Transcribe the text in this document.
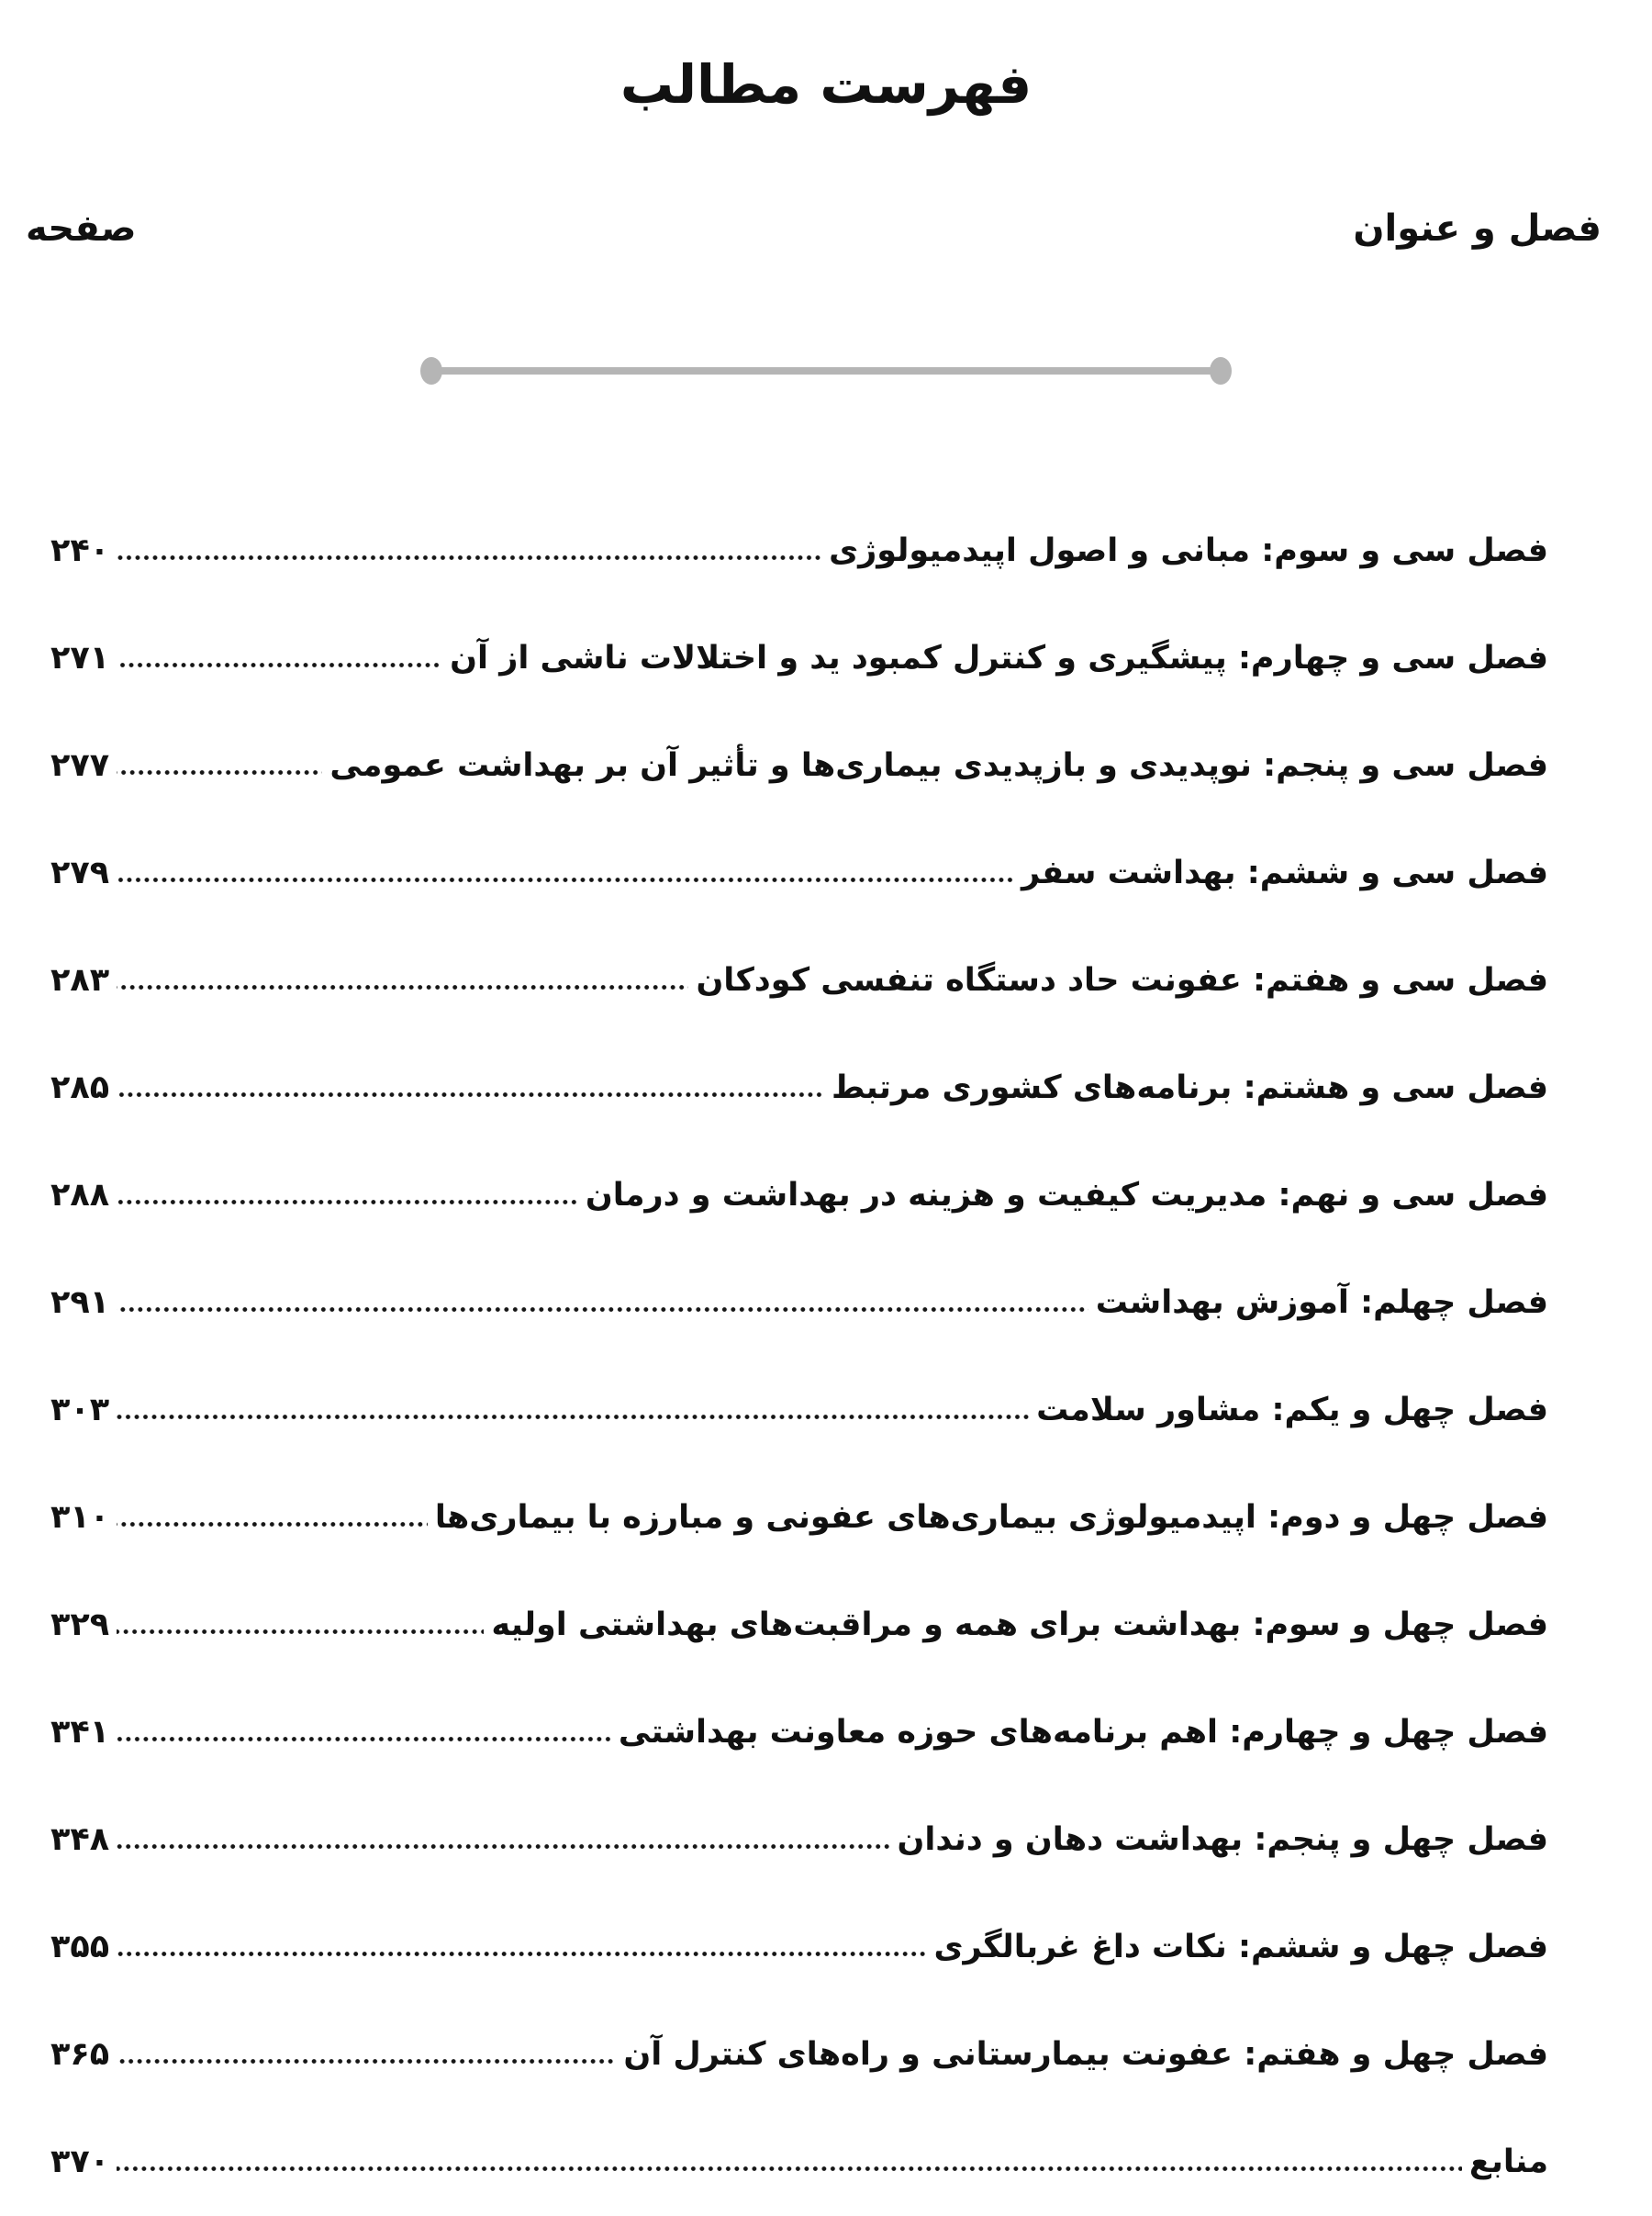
فهرست مطالب
فصل و عنوان
صفحه
فصل سی و سوم: مبانی و اصول اپیدمیولوژی
۲۴۰
فصل سی و چهارم: پیشگیری و کنترل کمبود ید و اختلالات ناشی از آن
۲۷۱
فصل سی و پنجم: نوپدیدی و بازپدیدی بیماری‌ها و تأثیر آن بر بهداشت عمومی
۲۷۷
فصل سی و ششم: بهداشت سفر
۲۷۹
فصل سی و هفتم: عفونت حاد دستگاه تنفسی کودکان
۲۸۳
فصل سی و هشتم: برنامه‌های کشوری مرتبط
۲۸۵
فصل سی و نهم: مدیریت کیفیت و هزینه در بهداشت و درمان
۲۸۸
فصل چهلم: آموزش بهداشت
۲۹۱
فصل چهل و یکم: مشاور سلامت
۳۰۳
فصل چهل و دوم: اپیدمیولوژی بیماری‌های عفونی و مبارزه با بیماری‌ها
۳۱۰
فصل چهل و سوم: بهداشت برای همه و مراقبت‌های بهداشتی اولیه
۳۲۹
فصل چهل و چهارم: اهم برنامه‌های حوزه معاونت بهداشتی
۳۴۱
فصل چهل و پنجم: بهداشت دهان و دندان
۳۴۸
فصل چهل و ششم: نکات داغ غربالگری
۳۵۵
فصل چهل و هفتم: عفونت بیمارستانی و راه‌های کنترل آن
۳۶۵
منابع
۳۷۰
